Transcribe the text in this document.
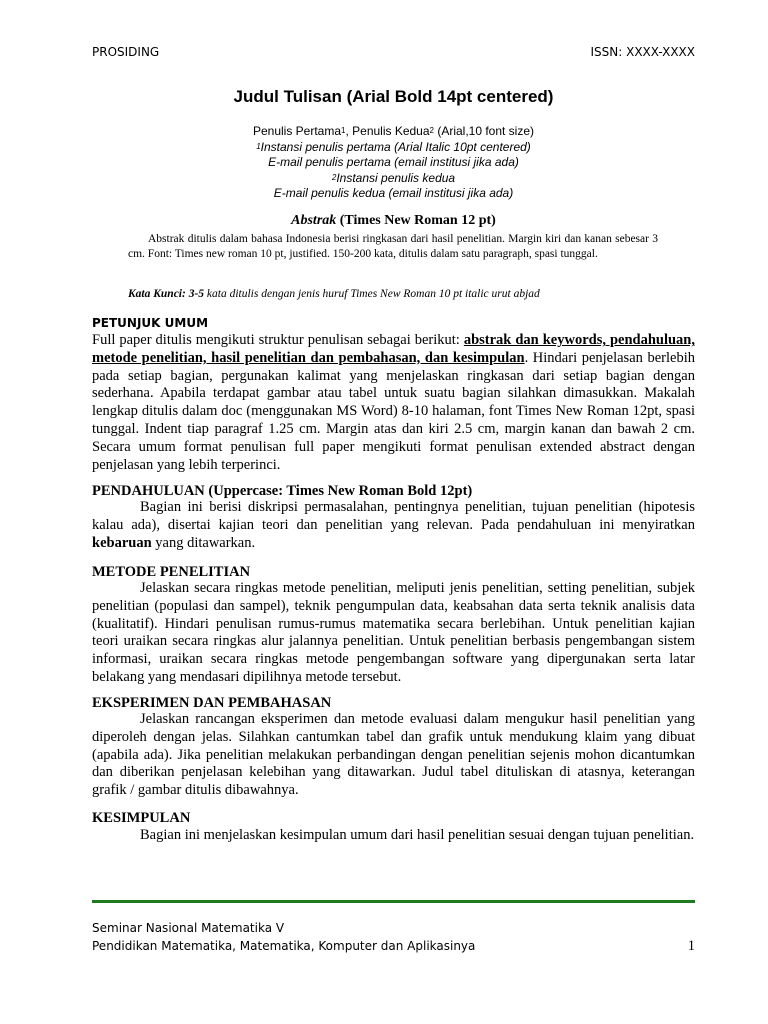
PROSIDING	ISSN: XXXX-XXXX
Judul Tulisan (Arial Bold 14pt centered)
Penulis Pertama$^1$, Penulis Kedua$^2$ (Arial,10 font size)
$^1$Instansi penulis pertama (Arial Italic 10pt centered)
E-mail penulis pertama (email institusi jika ada)
$^2$Instansi penulis kedua
E-mail penulis kedua (email institusi jika ada)
Abstrak (Times New Roman 12 pt)
Abstrak ditulis dalam bahasa Indonesia berisi ringkasan dari hasil penelitian. Margin kiri dan kanan sebesar 3 cm. Font: Times new roman 10 pt, justified. 150-200 kata, ditulis dalam satu paragraph, spasi tunggal.
Kata Kunci: 3-5 kata ditulis dengan jenis huruf Times New Roman 10 pt italic urut abjad
PETUNJUK UMUM
Full paper ditulis mengikuti struktur penulisan sebagai berikut: abstrak dan keywords, pendahuluan, metode penelitian, hasil penelitian dan pembahasan, dan kesimpulan. Hindari penjelasan berlebih pada setiap bagian, pergunakan kalimat yang menjelaskan ringkasan dari setiap bagian dengan sederhana. Apabila terdapat gambar atau tabel untuk suatu bagian silahkan dimasukkan. Makalah lengkap ditulis dalam doc (menggunakan MS Word) 8-10 halaman, font Times New Roman 12pt, spasi tunggal. Indent tiap paragraf 1.25 cm. Margin atas dan kiri 2.5 cm, margin kanan dan bawah 2 cm. Secara umum format penulisan full paper mengikuti format penulisan extended abstract dengan penjelasan yang lebih terperinci.
PENDAHULUAN (Uppercase: Times New Roman Bold 12pt)
Bagian ini berisi diskripsi permasalahan, pentingnya penelitian, tujuan penelitian (hipotesis kalau ada), disertai kajian teori dan penelitian yang relevan. Pada pendahuluan ini menyiratkan kebaruan yang ditawarkan.
METODE PENELITIAN
Jelaskan secara ringkas metode penelitian, meliputi jenis penelitian, setting penelitian, subjek penelitian (populasi dan sampel), teknik pengumpulan data, keabsahan data serta teknik analisis data (kualitatif). Hindari penulisan rumus-rumus matematika secara berlebihan. Untuk penelitian kajian teori uraikan secara ringkas alur jalannya penelitian. Untuk penelitian berbasis pengembangan sistem informasi, uraikan secara ringkas metode pengembangan software yang dipergunakan serta latar belakang yang mendasari dipilihnya metode tersebut.
EKSPERIMEN DAN PEMBAHASAN
Jelaskan rancangan eksperimen dan metode evaluasi dalam mengukur hasil penelitian yang diperoleh dengan jelas. Silahkan cantumkan tabel dan grafik untuk mendukung klaim yang dibuat (apabila ada). Jika penelitian melakukan perbandingan dengan penelitian sejenis mohon dicantumkan dan diberikan penjelasan kelebihan yang ditawarkan. Judul tabel dituliskan di atasnya, keterangan grafik / gambar ditulis dibawahnya.
KESIMPULAN
Bagian ini menjelaskan kesimpulan umum dari hasil penelitian sesuai dengan tujuan penelitian.
Seminar Nasional Matematika V
Pendidikan Matematika, Matematika, Komputer dan Aplikasinya	1
